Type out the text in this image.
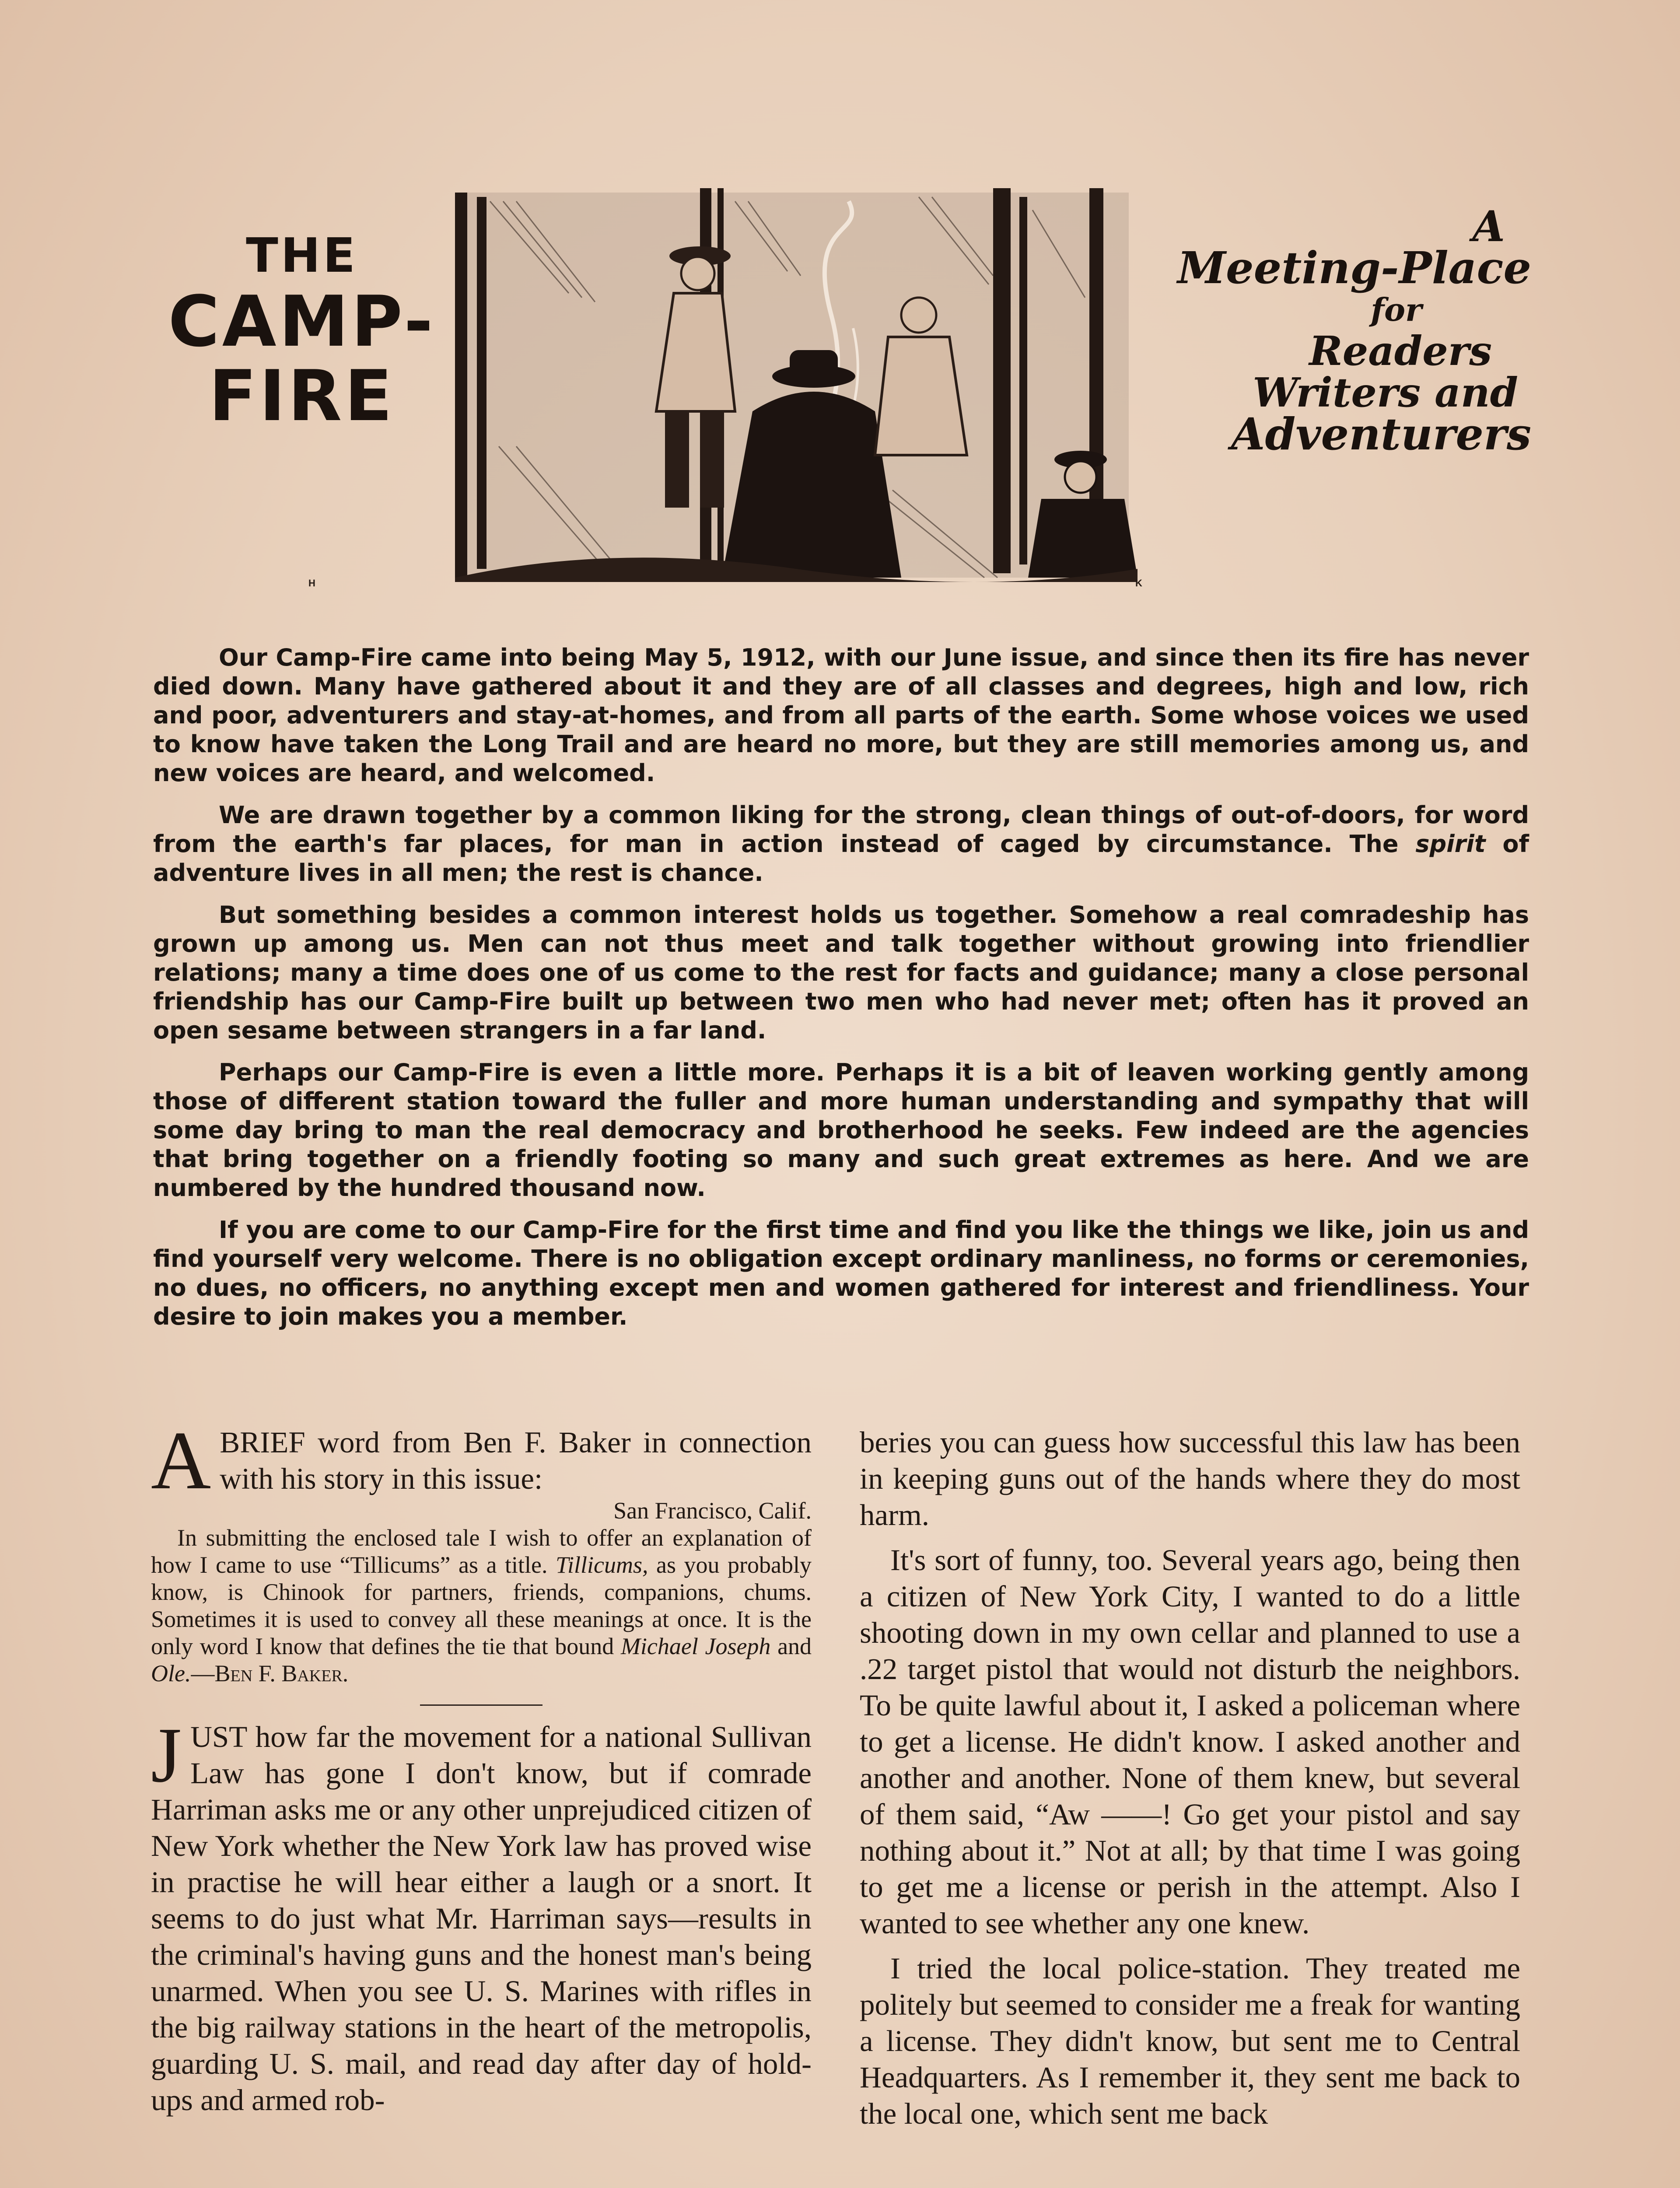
THE
CAMP-
FIRE
H	K
A
Meeting-Place
for
Readers
Writers and
Adventurers

Our Camp-Fire came into being May 5, 1912, with our June issue, and since then its fire has never died down. Many have gathered about it and they are of all classes and degrees, high and low, rich and poor, adventurers and stay-at-homes, and from all parts of the earth. Some whose voices we used to know have taken the Long Trail and are heard no more, but they are still memories among us, and new voices are heard, and welcomed.

We are drawn together by a common liking for the strong, clean things of out-of-doors, for word from the earth's far places, for man in action instead of caged by circumstance. The spirit of adventure lives in all men; the rest is chance.

But something besides a common interest holds us together. Somehow a real comradeship has grown up among us. Men can not thus meet and talk together without growing into friendlier relations; many a time does one of us come to the rest for facts and guidance; many a close personal friendship has our Camp-Fire built up between two men who had never met; often has it proved an open sesame between strangers in a far land.

Perhaps our Camp-Fire is even a little more. Perhaps it is a bit of leaven working gently among those of different station toward the fuller and more human understanding and sympathy that will some day bring to man the real democracy and brotherhood he seeks. Few indeed are the agencies that bring together on a friendly footing so many and such great extremes as here. And we are numbered by the hundred thousand now.

If you are come to our Camp-Fire for the first time and find you like the things we like, join us and find yourself very welcome. There is no obligation except ordinary manliness, no forms or ceremonies, no dues, no officers, no anything except men and women gathered for interest and friendliness. Your desire to join makes you a member.

ABRIEF word from Ben F. Baker in connection with his story in this issue:

San Francisco, Calif.

In submitting the enclosed tale I wish to offer an explanation of how I came to use “Tillicums” as a title. Tillicums, as you probably know, is Chinook for partners, friends, companions, chums. Sometimes it is used to convey all these meanings at once. It is the only word I know that defines the tie that bound Michael Joseph and Ole.—Ben F. Baker.

JUST how far the movement for a national Sullivan Law has gone I don't know, but if comrade Harriman asks me or any other unprejudiced citizen of New York whether the New York law has proved wise in practise he will hear either a laugh or a snort. It seems to do just what Mr. Harriman says—results in the criminal's having guns and the honest man's being unarmed. When you see U. S. Marines with rifles in the big railway stations in the heart of the metropolis, guarding U. S. mail, and read day after day of hold-ups and armed rob-

beries you can guess how successful this law has been in keeping guns out of the hands where they do most harm.

It's sort of funny, too. Several years ago, being then a citizen of New York City, I wanted to do a little shooting down in my own cellar and planned to use a .22 target pistol that would not disturb the neighbors. To be quite lawful about it, I asked a policeman where to get a license. He didn't know. I asked another and another and another. None of them knew, but several of them said, “Aw ——! Go get your pistol and say nothing about it.” Not at all; by that time I was going to get me a license or perish in the attempt. Also I wanted to see whether any one knew.

I tried the local police-station. They treated me politely but seemed to consider me a freak for wanting a license. They didn't know, but sent me to Central Headquarters. As I remember it, they sent me back to the local one, which sent me back
